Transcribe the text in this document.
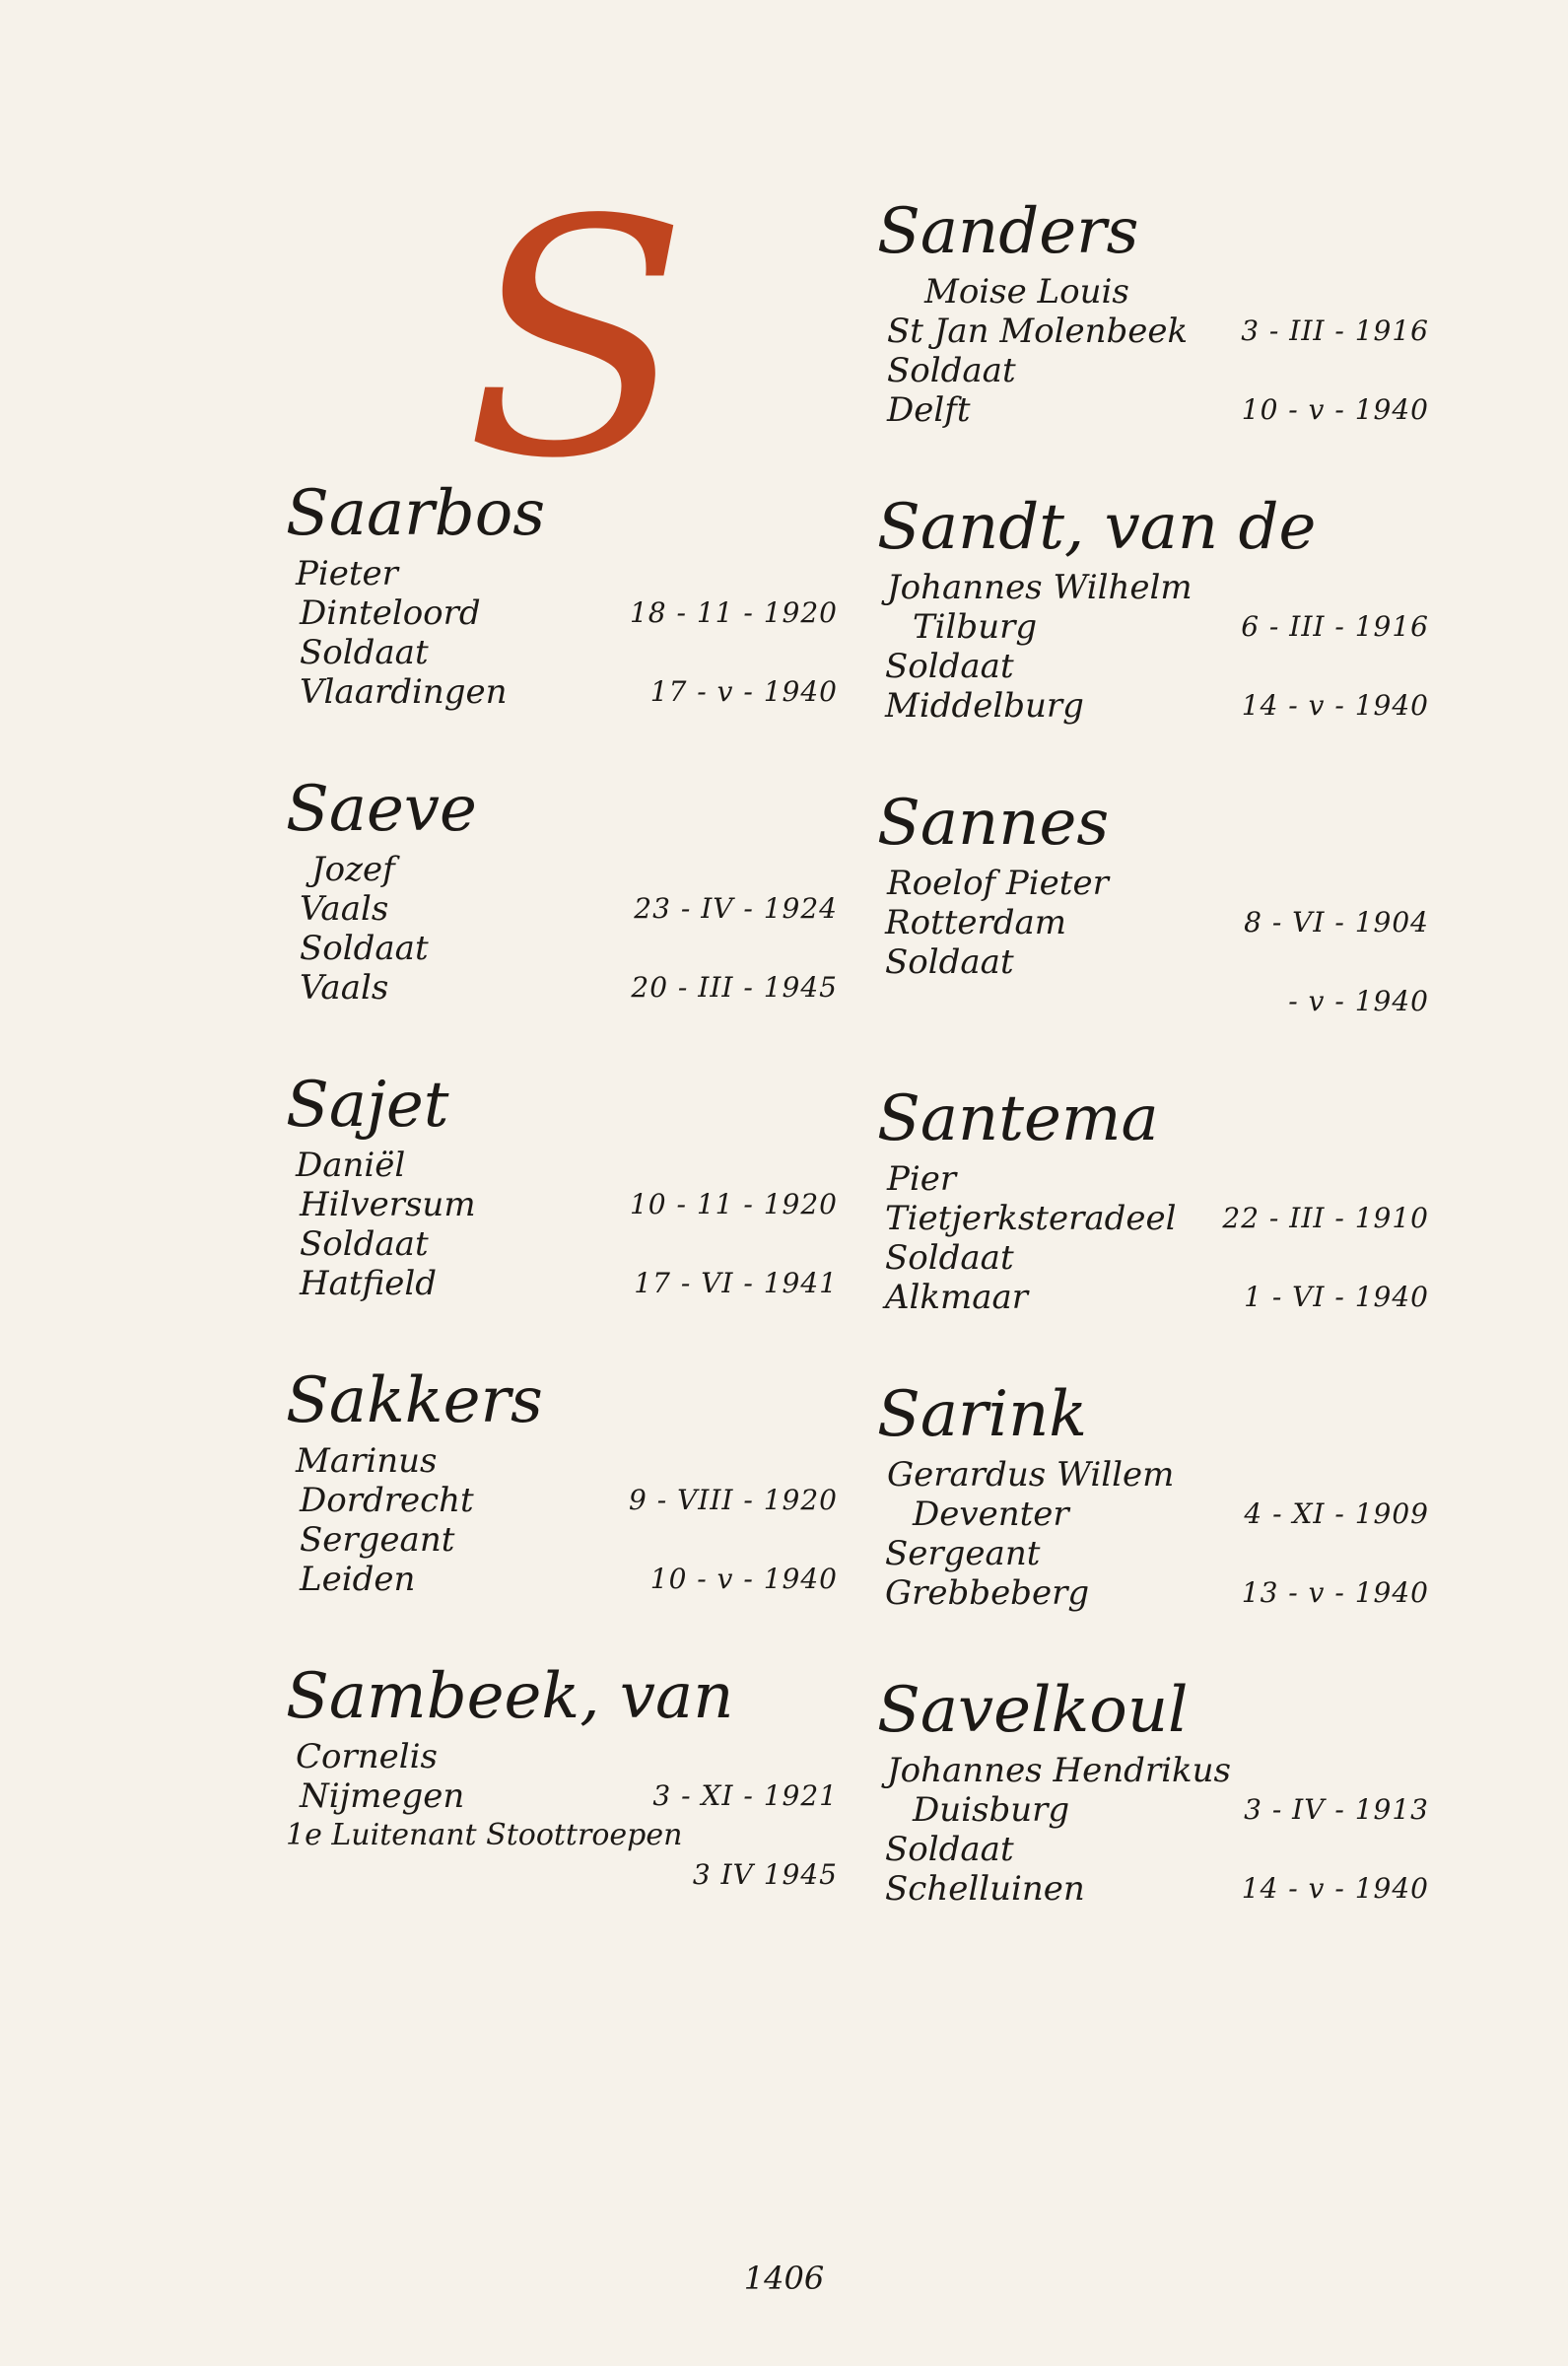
S
Saarbos
Pieter
Dinteloord	18 - 11 - 1920
Soldaat
Vlaardingen	17 - v - 1940
Saeve
Jozef
Vaals	23 - IV - 1924
Soldaat
Vaals	20 - III - 1945
Sajet
Daniël
Hilversum	10 - 11 - 1920
Soldaat
Hatfield	17 - VI - 1941
Sakkers
Marinus
Dordrecht	9 - VIII - 1920
Sergeant
Leiden	10 - v - 1940
Sambeek, van
Cornelis
Nijmegen	3 - XI - 1921
1e Luitenant Stoottroepen
3 IV 1945
Sanders
Moise Louis
St Jan Molenbeek 3 - III - 1916
Soldaat
Delft	10 - v - 1940
Sandt, van de
Johannes Wilhelm
Tilburg	6 - III - 1916
Soldaat
Middelburg	14 - v - 1940
Sannes
Roelof Pieter
Rotterdam	8 - VI - 1904
Soldaat
- v - 1940
Santema
Pier
Tietjerksteradeel 22 - III - 1910
Soldaat
Alkmaar	1 - VI - 1940
Sarink
Gerardus Willem
Deventer	4 - XI - 1909
Sergeant
Grebbeberg	13 - v - 1940
Savelkoul
Johannes Hendrikus
Duisburg	3 - IV - 1913
Soldaat
Schelluinen	14 - v - 1940
1406
